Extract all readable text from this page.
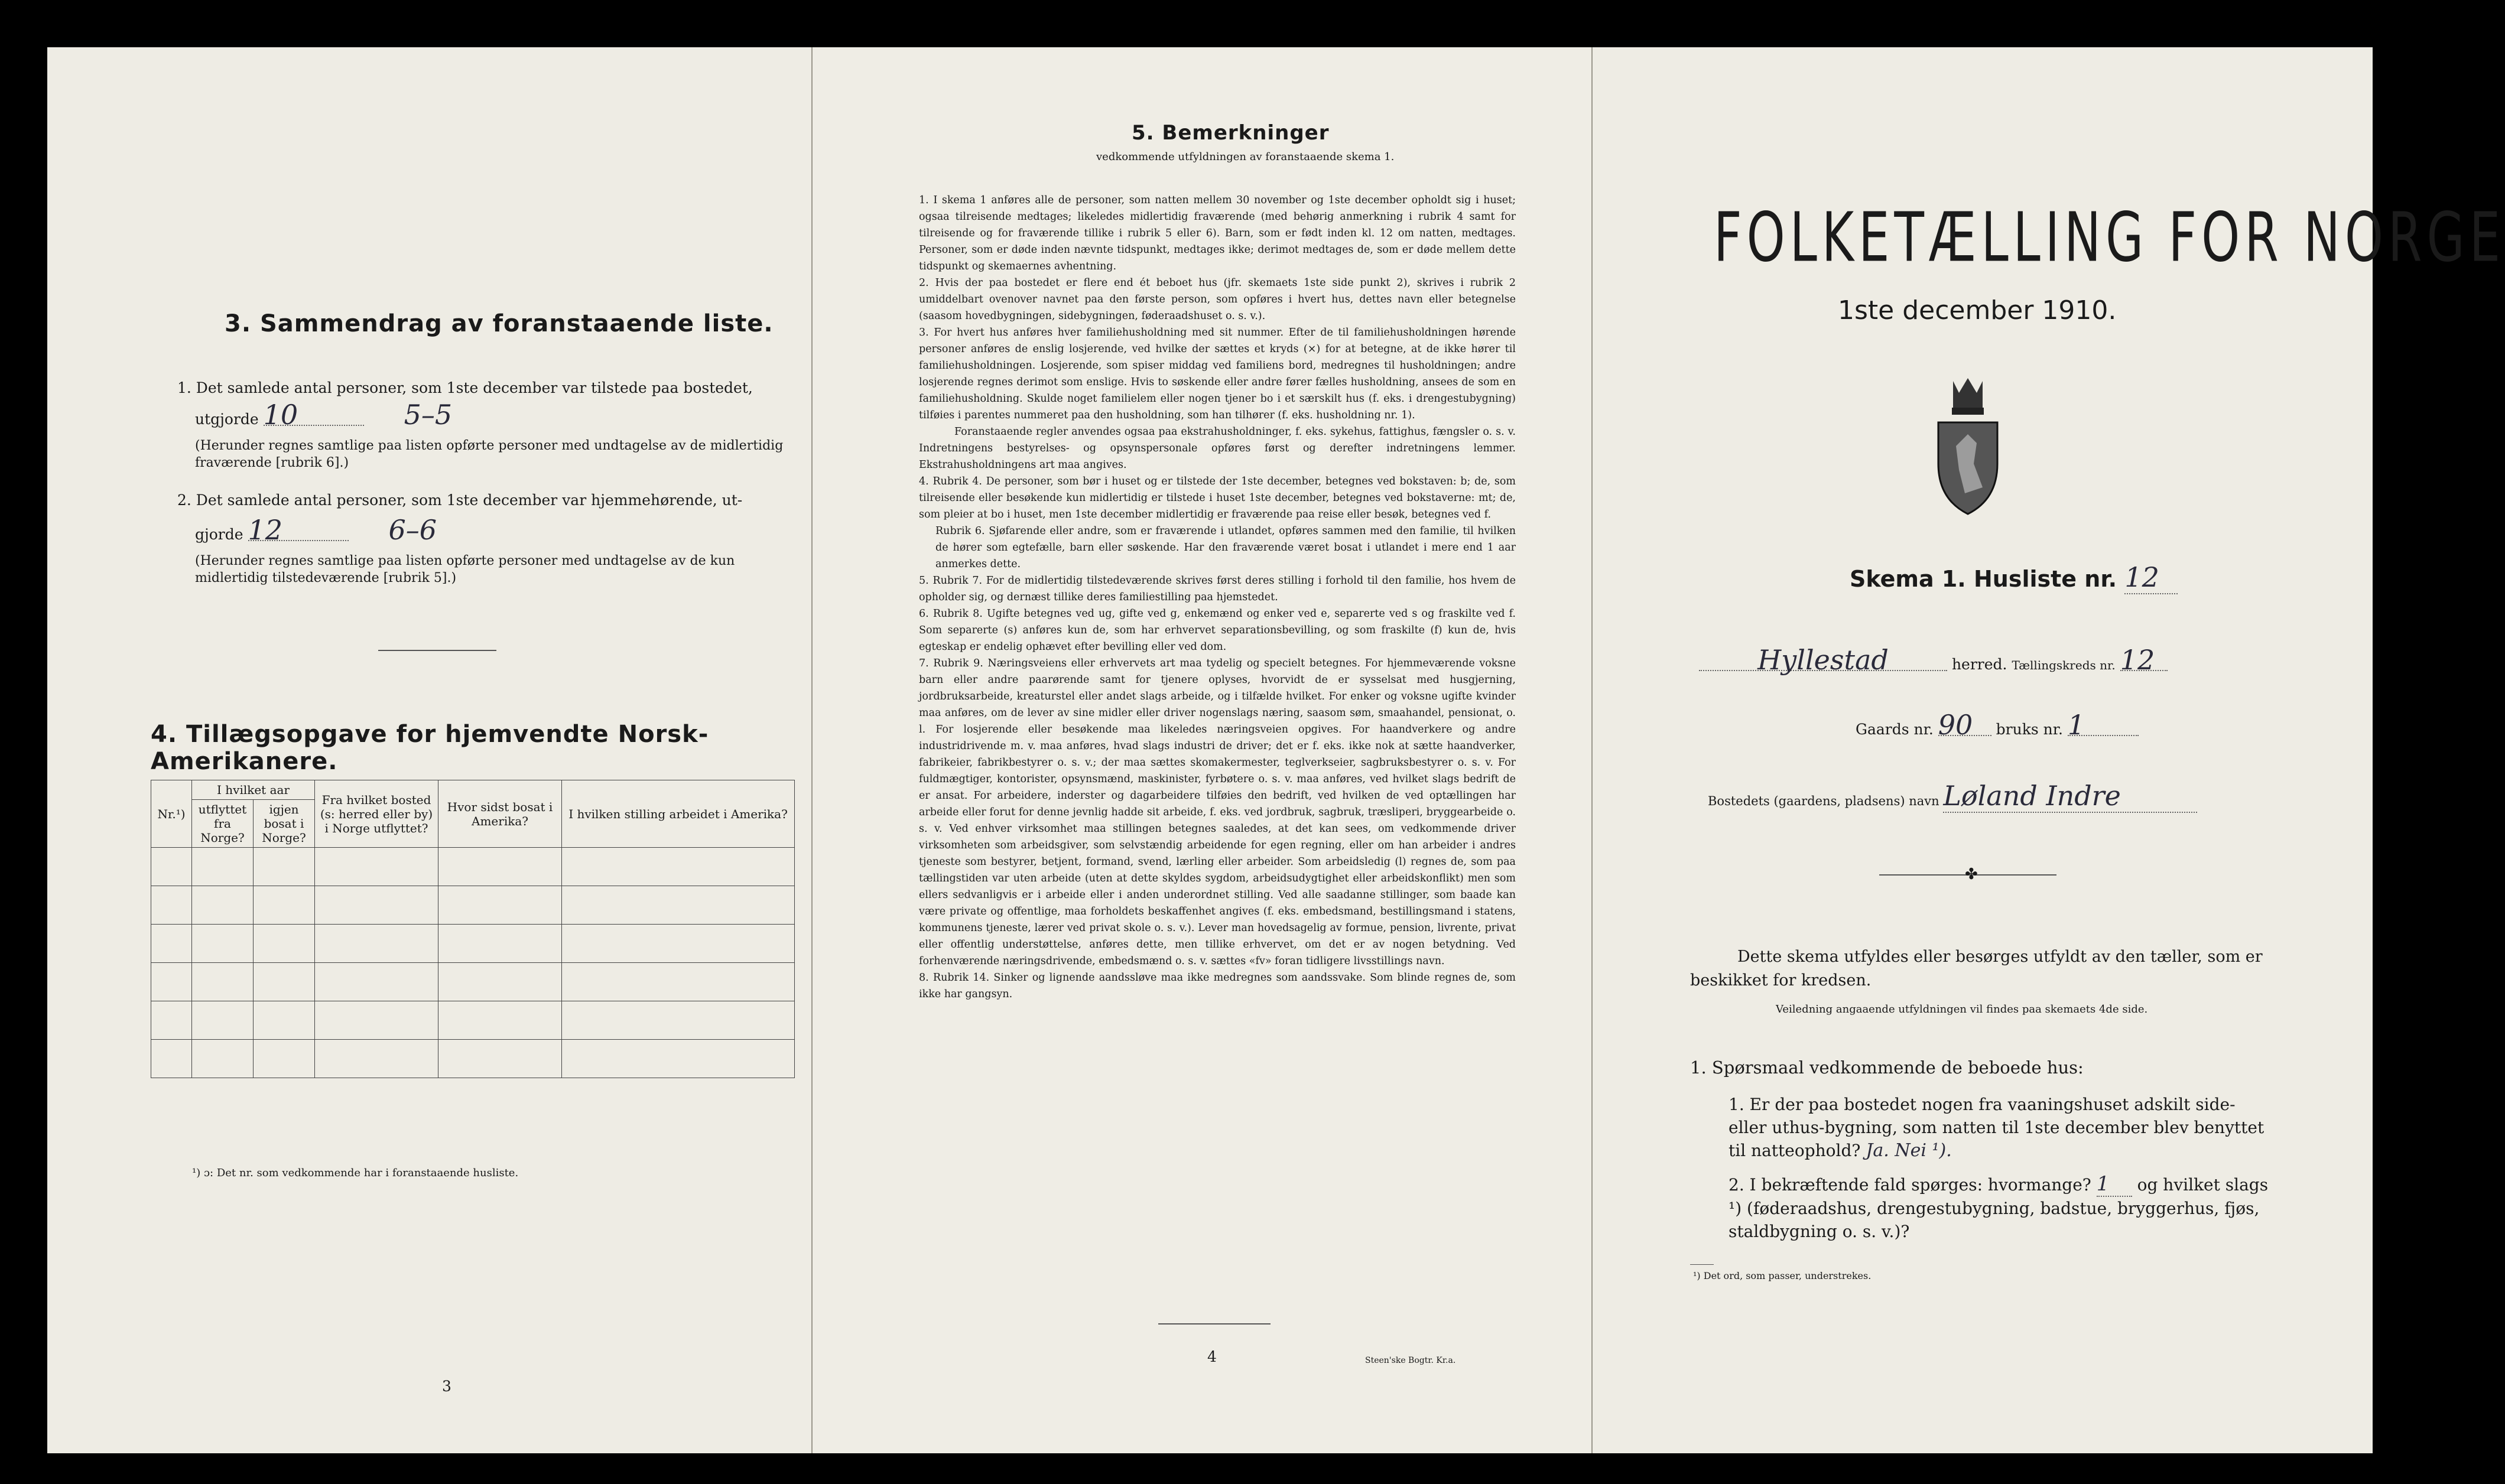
3. Sammendrag av foranstaaende liste.
1. Det samlede antal personer, som 1ste december var tilstede paa bostedet,
utgjorde 10	5–5
(Herunder regnes samtlige paa listen opførte personer med undtagelse av de midlertidig fraværende [rubrik 6].)
2. Det samlede antal personer, som 1ste december var hjemmehørende, ut-
gjorde 12	6–6
(Herunder regnes samtlige paa listen opførte personer med undtagelse av de kun midlertidig tilstedeværende [rubrik 5].)
4. Tillægsopgave for hjemvendte Norsk-Amerikanere.
Nr.¹)	I hvilket aar		Fra hvilket bosted (s: herred eller by) i Norge utflyttet?	Hvor sidst bosat i Amerika?	I hvilken stilling arbeidet i Amerika?
	utflyttet fra Norge?	igjen bosat i Norge?			

¹) ɔ: Det nr. som vedkommende har i foranstaaende husliste.
3
5. Bemerkninger
vedkommende utfyldningen av foranstaaende skema 1.

1. I skema 1 anføres alle de personer, som natten mellem 30 november og 1ste december opholdt sig i huset; ogsaa tilreisende medtages; likeledes midlertidig fraværende (med behørig anmerkning i rubrik 4 samt for tilreisende og for fraværende tillike i rubrik 5 eller 6). Barn, som er født inden kl. 12 om natten, medtages. Personer, som er døde inden nævnte tidspunkt, medtages ikke; derimot medtages de, som er døde mellem dette tidspunkt og skemaernes avhentning.

2. Hvis der paa bostedet er flere end ét beboet hus (jfr. skemaets 1ste side punkt 2), skrives i rubrik 2 umiddelbart ovenover navnet paa den første person, som opføres i hvert hus, dettes navn eller betegnelse (saasom hovedbygningen, sidebygningen, føderaadshuset o. s. v.).

3. For hvert hus anføres hver familiehusholdning med sit nummer. Efter de til familiehusholdningen hørende personer anføres de enslig losjerende, ved hvilke der sættes et kryds (×) for at betegne, at de ikke hører til familiehusholdningen. Losjerende, som spiser middag ved familiens bord, medregnes til husholdningen; andre losjerende regnes derimot som enslige. Hvis to søskende eller andre fører fælles husholdning, ansees de som en familiehusholdning. Skulde noget familielem eller nogen tjener bo i et særskilt hus (f. eks. i drengestubygning) tilføies i parentes nummeret paa den husholdning, som han tilhører (f. eks. husholdning nr. 1).

Foranstaaende regler anvendes ogsaa paa ekstrahusholdninger, f. eks. sykehus, fattighus, fængsler o. s. v. Indretningens bestyrelses- og opsynspersonale opføres først og derefter indretningens lemmer. Ekstrahusholdningens art maa angives.

4. Rubrik 4. De personer, som bør i huset og er tilstede der 1ste december, betegnes ved bokstaven: b; de, som tilreisende eller besøkende kun midlertidig er tilstede i huset 1ste december, betegnes ved bokstaverne: mt; de, som pleier at bo i huset, men 1ste december midlertidig er fraværende paa reise eller besøk, betegnes ved f.

Rubrik 6. Sjøfarende eller andre, som er fraværende i utlandet, opføres sammen med den familie, til hvilken de hører som egtefælle, barn eller søskende. Har den fraværende været bosat i utlandet i mere end 1 aar anmerkes dette.

5. Rubrik 7. For de midlertidig tilstedeværende skrives først deres stilling i forhold til den familie, hos hvem de opholder sig, og dernæst tillike deres familiestilling paa hjemstedet.

6. Rubrik 8. Ugifte betegnes ved ug, gifte ved g, enkemænd og enker ved e, separerte ved s og fraskilte ved f. Som separerte (s) anføres kun de, som har erhvervet separationsbevilling, og som fraskilte (f) kun de, hvis egteskap er endelig ophævet efter bevilling eller ved dom.

7. Rubrik 9. Næringsveiens eller erhvervets art maa tydelig og specielt betegnes. For hjemmeværende voksne barn eller andre paarørende samt for tjenere oplyses, hvorvidt de er sysselsat med husgjerning, jordbruksarbeide, kreaturstel eller andet slags arbeide, og i tilfælde hvilket. For enker og voksne ugifte kvinder maa anføres, om de lever av sine midler eller driver nogenslags næring, saasom søm, smaahandel, pensionat, o. l. For losjerende eller besøkende maa likeledes næringsveien opgives. For haandverkere og andre industridrivende m. v. maa anføres, hvad slags industri de driver; det er f. eks. ikke nok at sætte haandverker, fabrikeier, fabrikbestyrer o. s. v.; der maa sættes skomakermester, teglverkseier, sagbruksbestyrer o. s. v. For fuldmægtiger, kontorister, opsynsmænd, maskinister, fyrbøtere o. s. v. maa anføres, ved hvilket slags bedrift de er ansat. For arbeidere, inderster og dagarbeidere tilføies den bedrift, ved hvilken de ved optællingen har arbeide eller forut for denne jevnlig hadde sit arbeide, f. eks. ved jordbruk, sagbruk, træsliperi, bryggearbeide o. s. v. Ved enhver virksomhet maa stillingen betegnes saaledes, at det kan sees, om vedkommende driver virksomheten som arbeidsgiver, som selvstændig arbeidende for egen regning, eller om han arbeider i andres tjeneste som bestyrer, betjent, formand, svend, lærling eller arbeider. Som arbeidsledig (l) regnes de, som paa tællingstiden var uten arbeide (uten at dette skyldes sygdom, arbeidsudygtighet eller arbeidskonflikt) men som ellers sedvanligvis er i arbeide eller i anden underordnet stilling. Ved alle saadanne stillinger, som baade kan være private og offentlige, maa forholdets beskaffenhet angives (f. eks. embedsmand, bestillingsmand i statens, kommunens tjeneste, lærer ved privat skole o. s. v.). Lever man hovedsagelig av formue, pension, livrente, privat eller offentlig understøttelse, anføres dette, men tillike erhvervet, om det er av nogen betydning. Ved forhenværende næringsdrivende, embedsmænd o. s. v. sættes «fv» foran tidligere livsstillings navn.

8. Rubrik 14. Sinker og lignende aandssløve maa ikke medregnes som aandssvake. Som blinde regnes de, som ikke har gangsyn.

4	Steen'ske Bogtr. Kr.a.
FOLKETÆLLING FOR NORGE
1ste december 1910.
Skema 1. Husliste nr. 12
Hyllestad	herred. Tællingskreds nr. 12
Gaards nr. 90 bruks nr. 1
Bostedets (gaardens, pladsens) navn Løland Indre
✤
Dette skema utfyldes eller besørges utfyldt av den tæller, som er beskikket for kredsen.
Veiledning angaaende utfyldningen vil findes paa skemaets 4de side.
1. Spørsmaal vedkommende de beboede hus:
1. Er der paa bostedet nogen fra vaaningshuset adskilt side- eller uthus-bygning, som natten til 1ste december blev benyttet til natteophold? Ja. Nei ¹).
2. I bekræftende fald spørges: hvormange? 1 og hvilket slags ¹) (føderaadshus, drengestubygning, badstue, bryggerhus, fjøs, staldbygning o. s. v.)?
¹) Det ord, som passer, understrekes.
